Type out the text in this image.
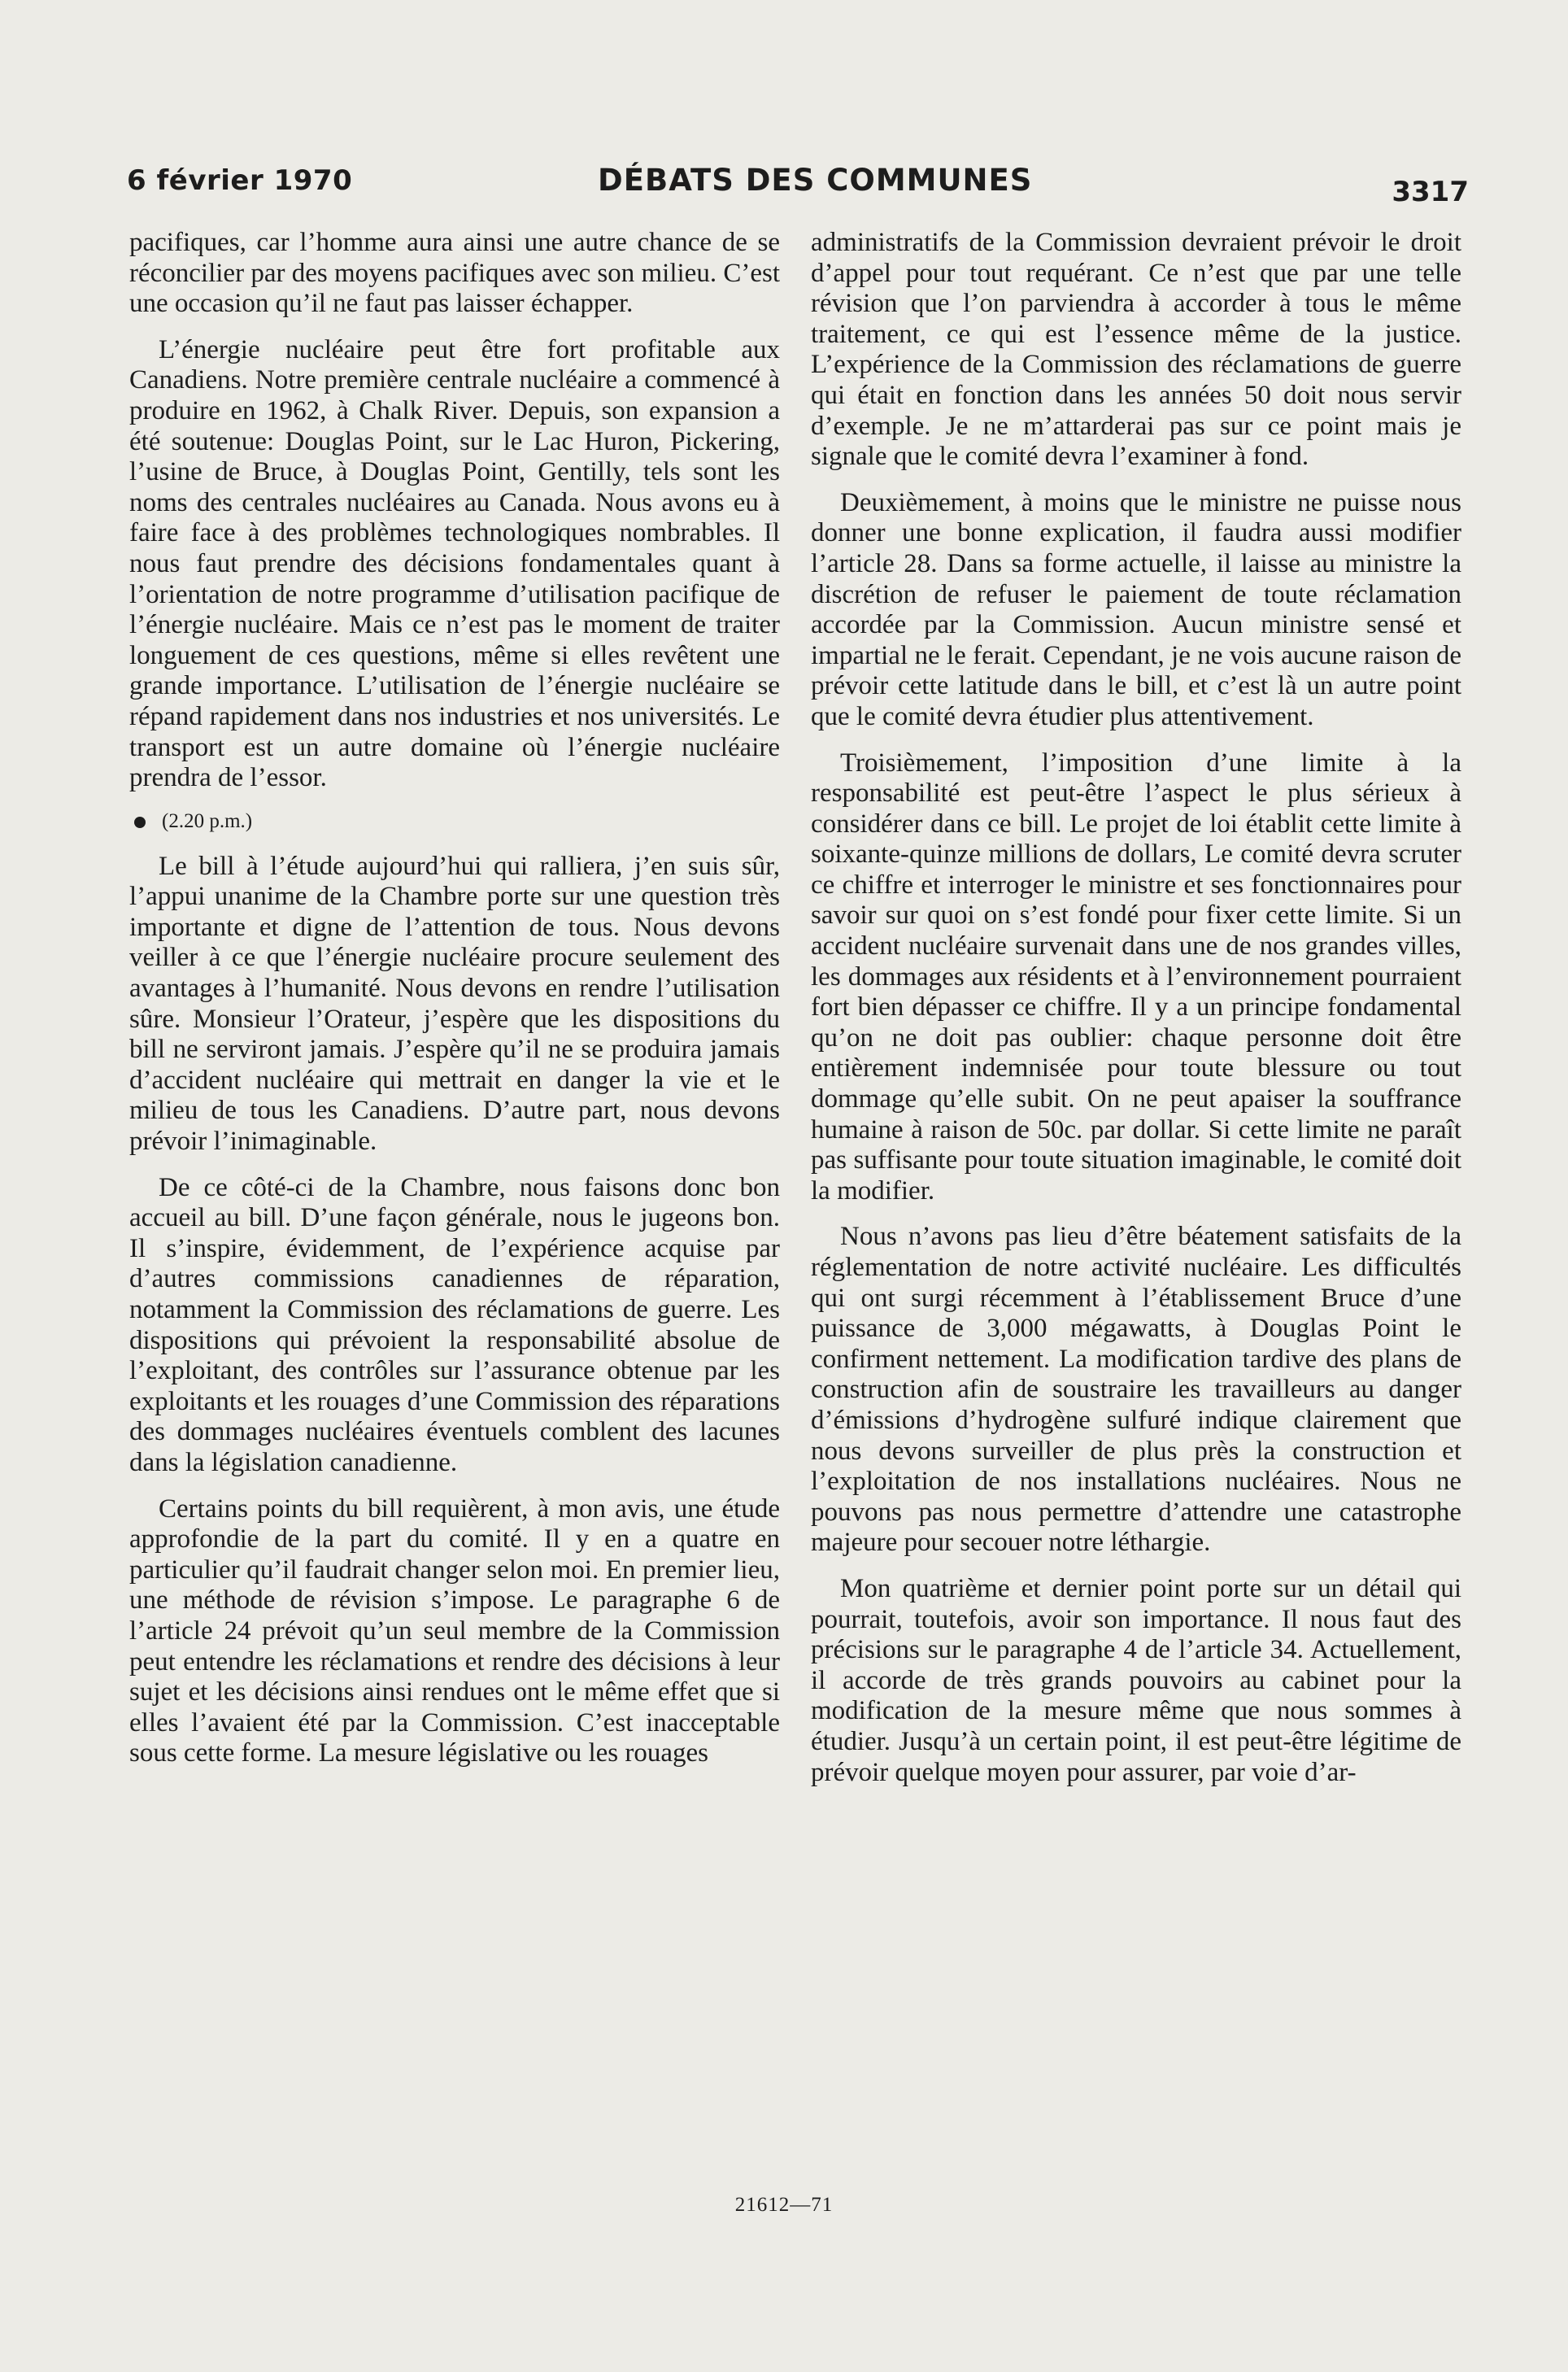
6 février 1970	DÉBATS DES COMMUNES	3317

pacifiques, car l’homme aura ainsi une autre chance de se réconcilier par des moyens pacifiques avec son milieu. C’est une occasion qu’il ne faut pas laisser échapper.

L’énergie nucléaire peut être fort profitable aux Canadiens. Notre première centrale nucléaire a commencé à produire en 1962, à Chalk River. Depuis, son expansion a été soutenue: Douglas Point, sur le Lac Huron, Pickering, l’usine de Bruce, à Douglas Point, Gentilly, tels sont les noms des centrales nucléaires au Canada. Nous avons eu à faire face à des problèmes technologiques nombrables. Il nous faut prendre des décisions fondamentales quant à l’orientation de notre programme d’utilisation pacifique de l’énergie nucléaire. Mais ce n’est pas le moment de traiter longuement de ces questions, même si elles revêtent une grande importance. L’utilisation de l’énergie nucléaire se répand rapidement dans nos industries et nos universités. Le transport est un autre domaine où l’énergie nucléaire prendra de l’essor.

(2.20 p.m.)

Le bill à l’étude aujourd’hui qui ralliera, j’en suis sûr, l’appui unanime de la Chambre porte sur une question très importante et digne de l’attention de tous. Nous devons veiller à ce que l’énergie nucléaire procure seulement des avantages à l’humanité. Nous devons en rendre l’utilisation sûre. Monsieur l’Orateur, j’espère que les dispositions du bill ne serviront jamais. J’espère qu’il ne se produira jamais d’accident nucléaire qui mettrait en danger la vie et le milieu de tous les Canadiens. D’autre part, nous devons prévoir l’inimaginable.

De ce côté-ci de la Chambre, nous faisons donc bon accueil au bill. D’une façon générale, nous le jugeons bon. Il s’inspire, évidemment, de l’expérience acquise par d’autres commissions canadiennes de réparation, notamment la Commission des réclamations de guerre. Les dispositions qui prévoient la responsabilité absolue de l’exploitant, des contrôles sur l’assurance obtenue par les exploitants et les rouages d’une Commission des réparations des dommages nucléaires éventuels comblent des lacunes dans la législation canadienne.

Certains points du bill requièrent, à mon avis, une étude approfondie de la part du comité. Il y en a quatre en particulier qu’il faudrait changer selon moi. En premier lieu, une méthode de révision s’impose. Le paragraphe 6 de l’article 24 prévoit qu’un seul membre de la Commission peut entendre les réclamations et rendre des décisions à leur sujet et les décisions ainsi rendues ont le même effet que si elles l’avaient été par la Commission. C’est inacceptable sous cette forme. La mesure législative ou les rouages

administratifs de la Commission devraient prévoir le droit d’appel pour tout requérant. Ce n’est que par une telle révision que l’on parviendra à accorder à tous le même traitement, ce qui est l’essence même de la justice. L’expérience de la Commission des réclamations de guerre qui était en fonction dans les années 50 doit nous servir d’exemple. Je ne m’attarderai pas sur ce point mais je signale que le comité devra l’examiner à fond.

Deuxièmement, à moins que le ministre ne puisse nous donner une bonne explication, il faudra aussi modifier l’article 28. Dans sa forme actuelle, il laisse au ministre la discrétion de refuser le paiement de toute réclamation accordée par la Commission. Aucun ministre sensé et impartial ne le ferait. Cependant, je ne vois aucune raison de prévoir cette latitude dans le bill, et c’est là un autre point que le comité devra étudier plus attentivement.

Troisièmement, l’imposition d’une limite à la responsabilité est peut-être l’aspect le plus sérieux à considérer dans ce bill. Le projet de loi établit cette limite à soixante-quinze millions de dollars, Le comité devra scruter ce chiffre et interroger le ministre et ses fonctionnaires pour savoir sur quoi on s’est fondé pour fixer cette limite. Si un accident nucléaire survenait dans une de nos grandes villes, les dommages aux résidents et à l’environnement pourraient fort bien dépasser ce chiffre. Il y a un principe fondamental qu’on ne doit pas oublier: chaque personne doit être entièrement indemnisée pour toute blessure ou tout dommage qu’elle subit. On ne peut apaiser la souffrance humaine à raison de 50c. par dollar. Si cette limite ne paraît pas suffisante pour toute situation imaginable, le comité doit la modifier.

Nous n’avons pas lieu d’être béatement satisfaits de la réglementation de notre activité nucléaire. Les difficultés qui ont surgi récemment à l’établissement Bruce d’une puissance de 3,000 mégawatts, à Douglas Point le confirment nettement. La modification tardive des plans de construction afin de soustraire les travailleurs au danger d’émissions d’hydrogène sulfuré indique clairement que nous devons surveiller de plus près la construction et l’exploitation de nos installations nucléaires. Nous ne pouvons pas nous permettre d’attendre une catastrophe majeure pour secouer notre léthargie.

Mon quatrième et dernier point porte sur un détail qui pourrait, toutefois, avoir son importance. Il nous faut des précisions sur le paragraphe 4 de l’article 34. Actuellement, il accorde de très grands pouvoirs au cabinet pour la modification de la mesure même que nous sommes à étudier. Jusqu’à un certain point, il est peut-être légitime de prévoir quelque moyen pour assurer, par voie d’ar-

21612—71
